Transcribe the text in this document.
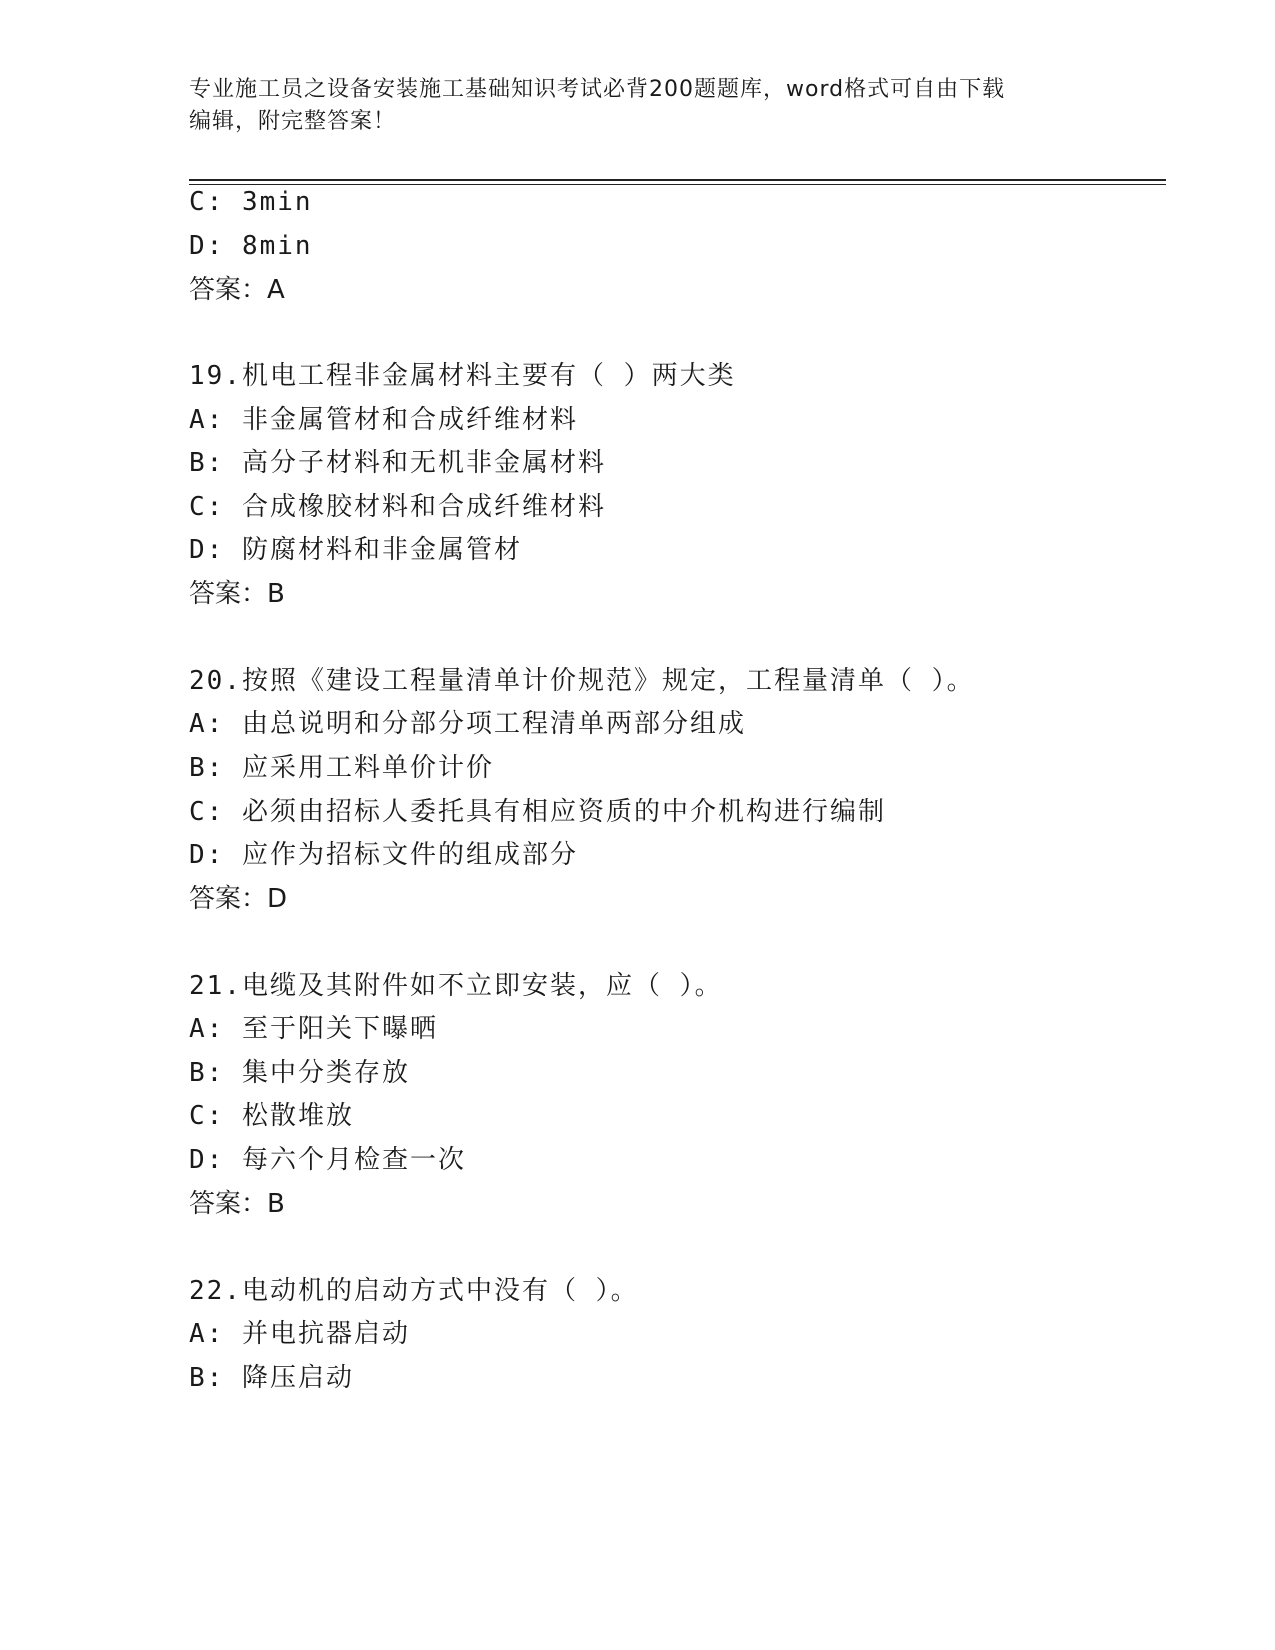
专业施工员之设备安装施工基础知识考试必背200题题库，word格式可自由下载
编辑，附完整答案！
C: 3min
D: 8min
答案：A
19.机电工程非金属材料主要有（ ）两大类
A: 非金属管材和合成纤维材料
B: 高分子材料和无机非金属材料
C: 合成橡胶材料和合成纤维材料
D: 防腐材料和非金属管材
答案：B
20.按照《建设工程量清单计价规范》规定，工程量清单（ ）。
A: 由总说明和分部分项工程清单两部分组成
B: 应采用工料单价计价
C: 必须由招标人委托具有相应资质的中介机构进行编制
D: 应作为招标文件的组成部分
答案：D
21.电缆及其附件如不立即安装，应（ ）。
A: 至于阳关下曝晒
B: 集中分类存放
C: 松散堆放
D: 每六个月检查一次
答案：B
22.电动机的启动方式中没有（ ）。
A: 并电抗器启动
B: 降压启动
